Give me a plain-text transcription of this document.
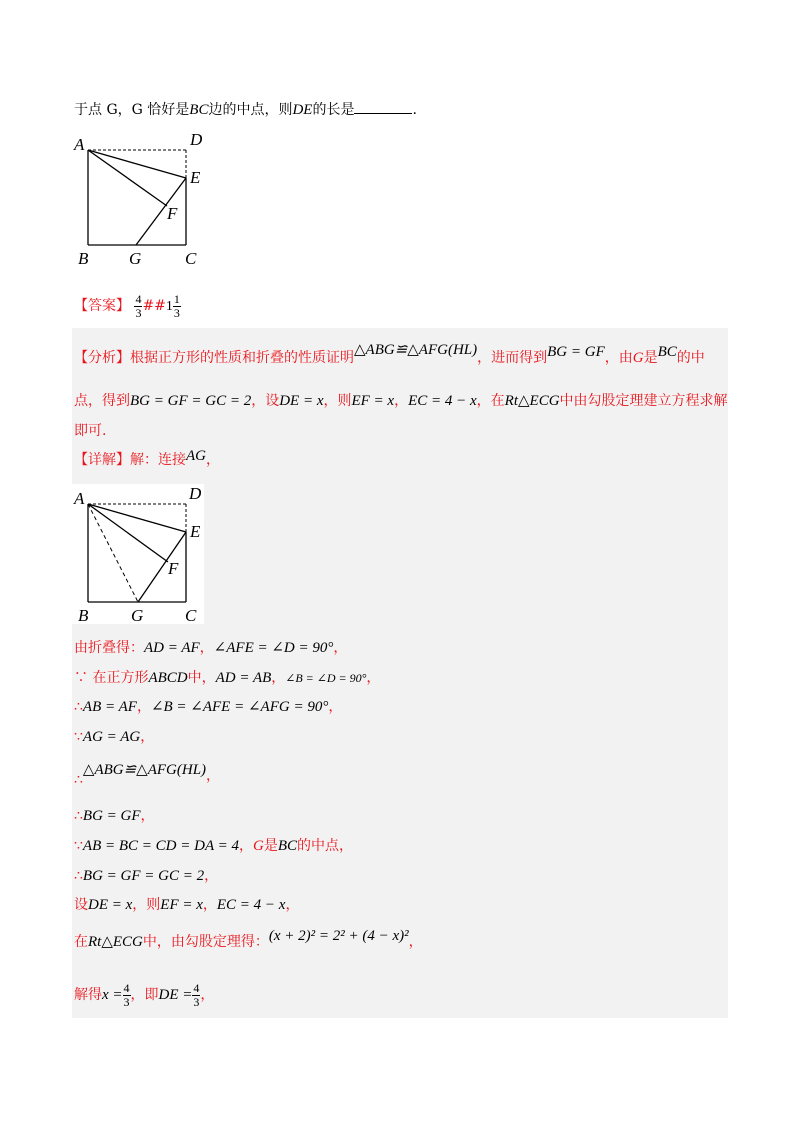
于点 G，G 恰好是BC边的中点，则DE的长是	.
A	D
E
F
B G	C
【答案】 $\frac{4}{3}$ ##1 $\frac{1}{3}$
【分析】根据正方形的性质和折叠的性质证明△ABG≌△AFG(HL)，进而得到BG = GF，由G是BC的中
点，得到BG = GF = GC = 2，设DE = x，则EF = x，EC = 4 − x，在Rt△ECG中由勾股定理建立方程求解
即可.
【详解】解：连接AG，
A	D
E
F
B	G C
由折叠得：AD = AF，∠AFE = ∠D = 90°，
∵ 在正方形ABCD中，AD = AB，∠B = ∠D = 90°，
∴AB = AF，∠B = ∠AFE = ∠AFG = 90°，
∵AG = AG，
∴△ABG≌△AFG(HL)，
∴BG = GF，
∵AB = BC = CD = DA = 4，G是BC的中点，
∴BG = GF = GC = 2，
设DE = x，则EF = x，EC = 4 − x，
在Rt△ECG中，由勾股定理得：(x + 2)² = 2² + (4 − x)²，
解得$x = \frac{4}{3}$ ，即DE = $\frac{4}{3}$ ，
